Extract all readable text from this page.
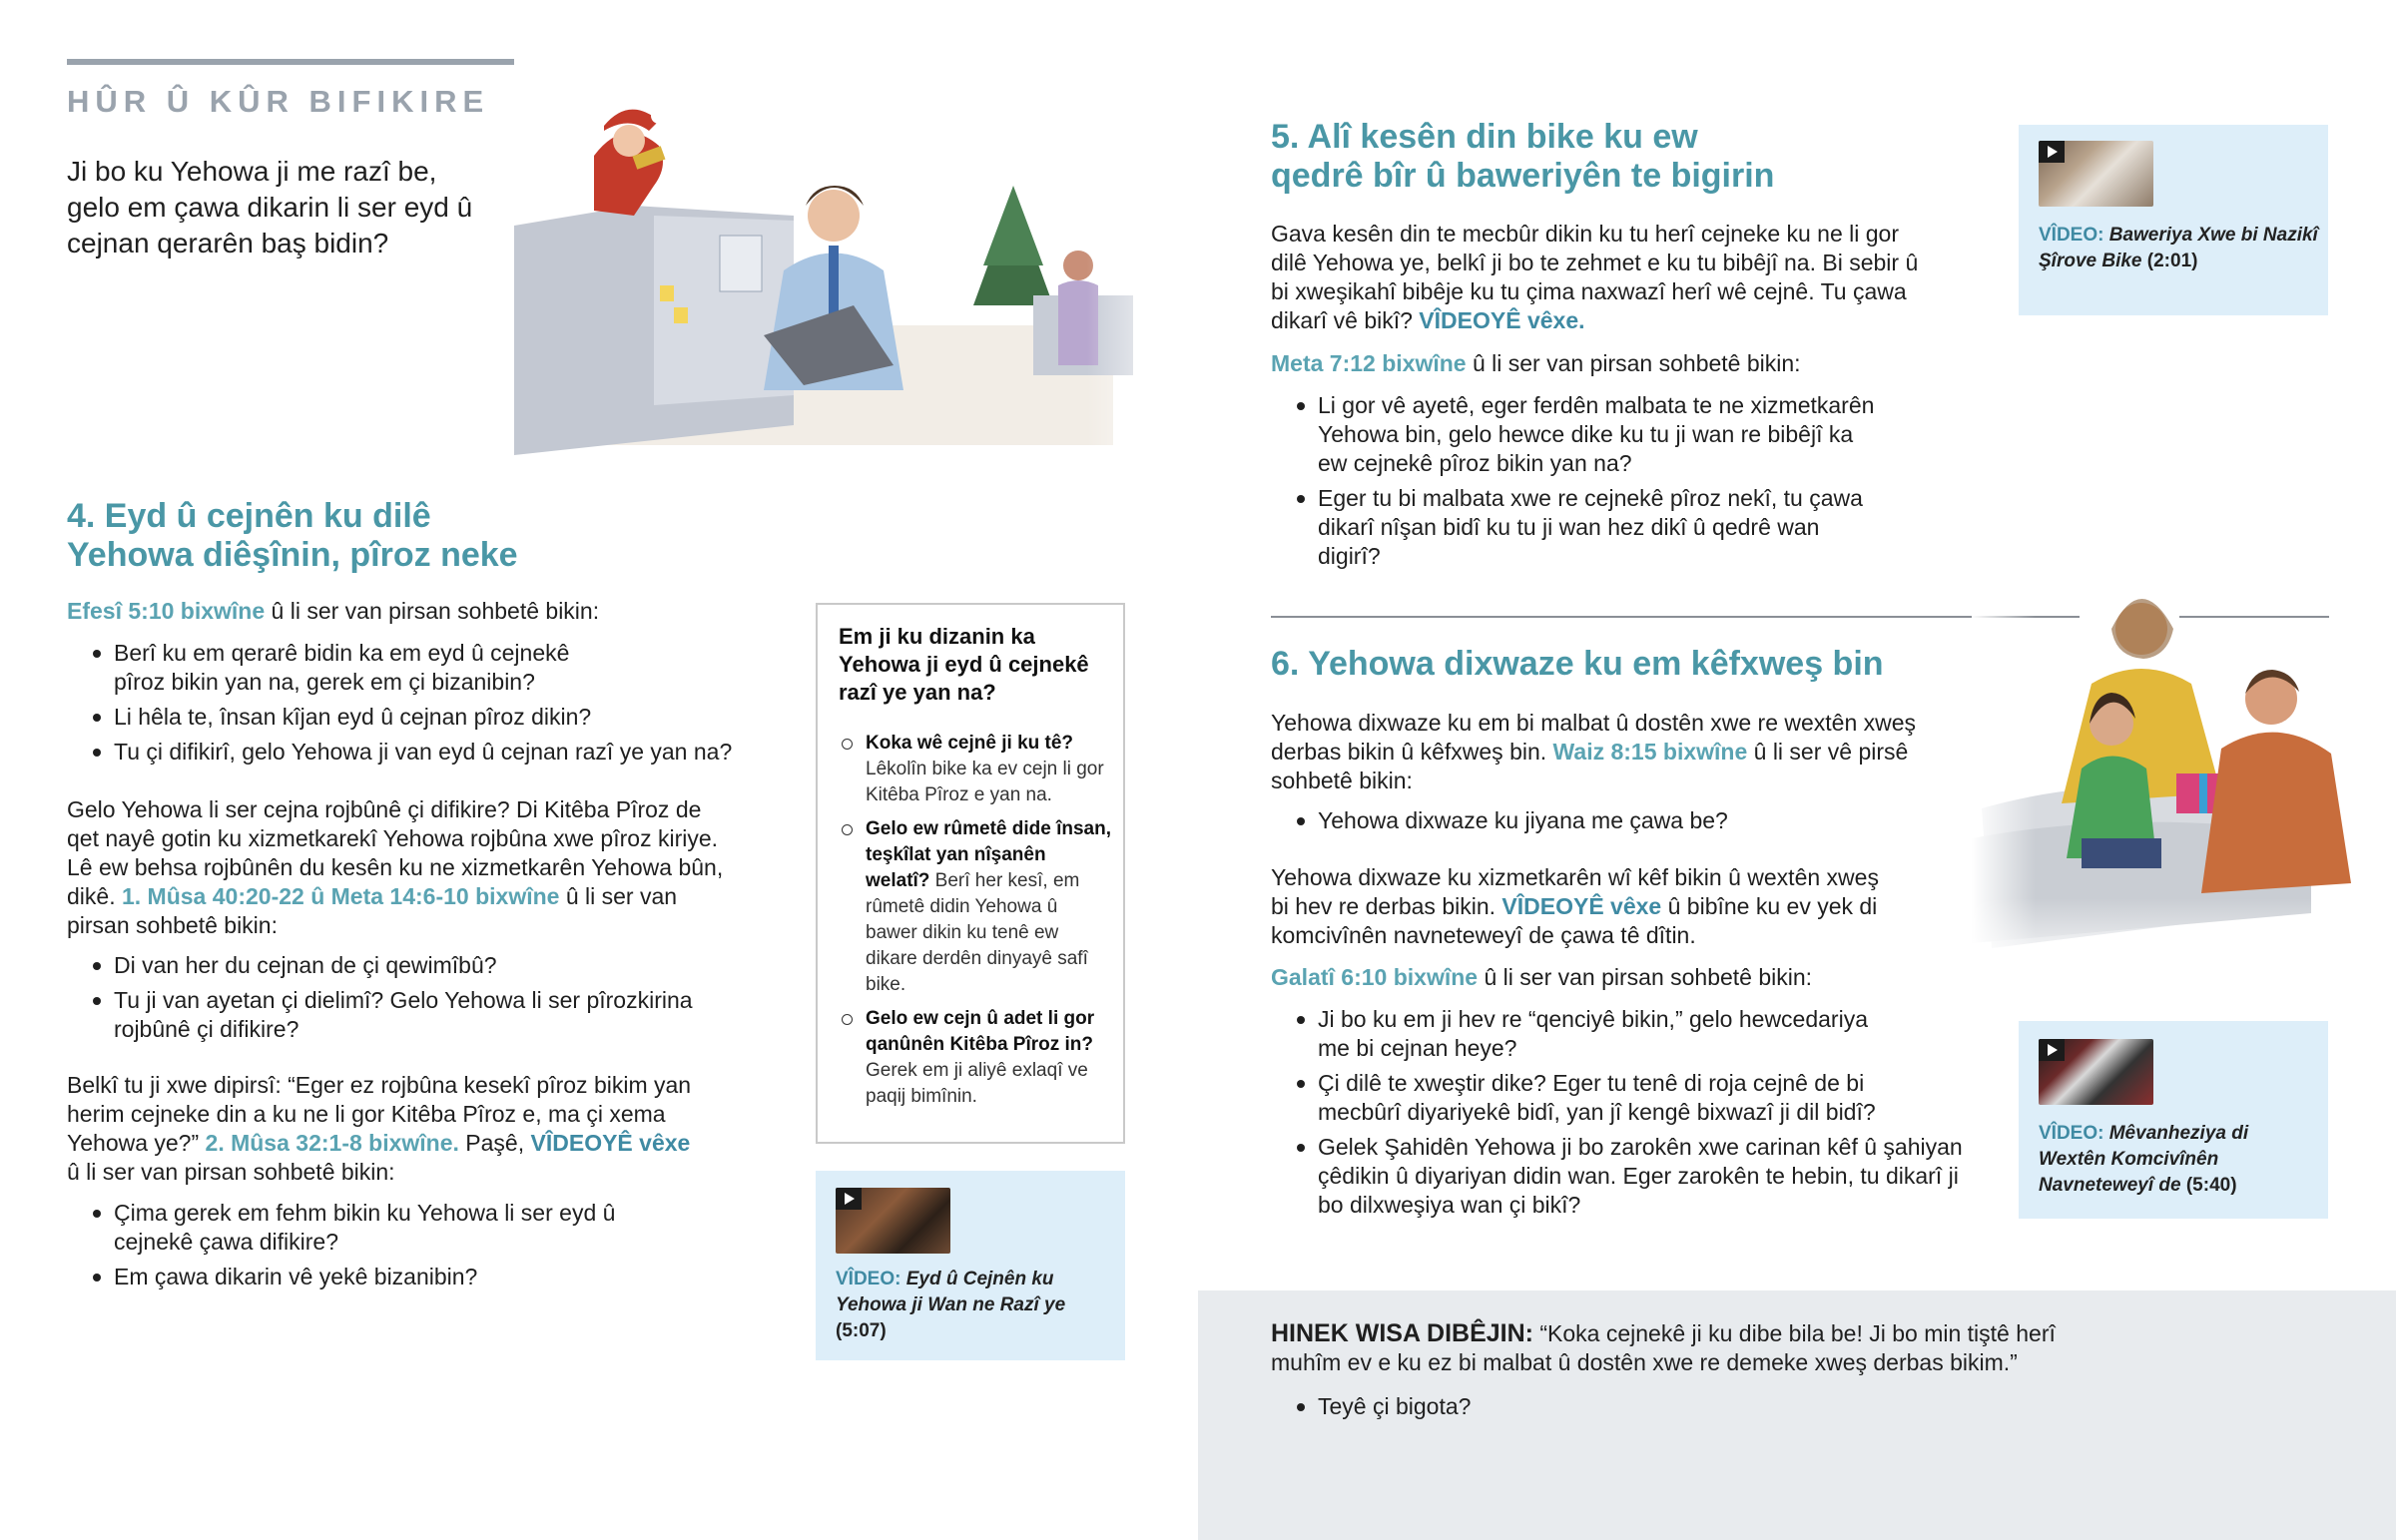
HÛR Û KÛR BIFIKIRE
Ji bo ku Yehowa ji me razî be, gelo em çawa dikarin li ser eyd û cejnan qerarên baş bidin?
4. Eyd û cejnên ku dilê Yehowa diêşînin, pîroz neke

Efesî 5:10 bixwîne û li ser van pirsan sohbetê bikin:

Berî ku em qerarê bidin ka em eyd û cejnekê pîroz bikin yan na, gerek em çi bizanibin?
Li hêla te, însan kîjan eyd û cejnan pîroz dikin?
Tu çi difikirî, gelo Yehowa ji van eyd û cejnan razî ye yan na?

Gelo Yehowa li ser cejna rojbûnê çi difikire? Di Kitêba Pîroz de qet nayê gotin ku xizmetkarekî Yehowa rojbûna xwe pîroz kiriye. Lê ew behsa rojbûnên du kesên ku ne xizmetkarên Yehowa bûn, dikê. 1. Mûsa 40:20-22 û Meta 14:6-10 bixwîne û li ser van pirsan sohbetê bikin:

Di van her du cejnan de çi qewimîbû?
Tu ji van ayetan çi dielimî? Gelo Yehowa li ser pîrozkirina rojbûnê çi difikire?

Belkî tu ji xwe dipirsî: “Eger ez rojbûna kesekî pîroz bikim yan herim cejneke din a ku ne li gor Kitêba Pîroz e, ma çi xema Yehowa ye?” 2. Mûsa 32:1-8 bixwîne. Paşê, VÎDEOYÊ vêxe û li ser van pirsan sohbetê bikin:

Çima gerek em fehm bikin ku Yehowa li ser eyd û cejnekê çawa difikire?
Em çawa dikarin vê yekê bizanibin?
Em ji ku dizanin ka Yehowa ji eyd û cejnekê razî ye yan na?
Koka wê cejnê ji ku tê? Lêkolîn bike ka ev cejn li gor Kitêba Pîroz e yan na.
Gelo ew rûmetê dide însan, teşkîlat yan nîşanên welatî? Berî her kesî, em rûmetê didin Yehowa û bawer dikin ku tenê ew dikare derdên dinyayê safî bike.
Gelo ew cejn û adet li gor qanûnên Kitêba Pîroz in? Gerek em ji aliyê exlaqî ve paqij bimînin.
VÎDEO: Eyd û Cejnên ku Yehowa ji Wan ne Razî ye (5:07)
5. Alî kesên din bike ku ew qedrê bîr û baweriyên te bigirin

Gava kesên din te mecbûr dikin ku tu herî cejneke ku ne li gor dilê Yehowa ye, belkî ji bo te zehmet e ku tu bibêjî na. Bi sebir û bi xweşikahî bibêje ku tu çima naxwazî herî wê cejnê. Tu çawa dikarî vê bikî? VÎDEOYÊ vêxe.

Meta 7:12 bixwîne û li ser van pirsan sohbetê bikin:

Li gor vê ayetê, eger ferdên malbata te ne xizmetkarên Yehowa bin, gelo hewce dike ku tu ji wan re bibêjî ka ew cejnekê pîroz bikin yan na?
Eger tu bi malbata xwe re cejnekê pîroz nekî, tu çawa dikarî nîşan bidî ku tu ji wan hez dikî û qedrê wan digirî?
VÎDEO: Baweriya Xwe bi Nazikî Şîrove Bike (2:01)
6. Yehowa dixwaze ku em kêfxweş bin

Yehowa dixwaze ku em bi malbat û dostên xwe re wextên xweş derbas bikin û kêfxweş bin. Waiz 8:15 bixwîne û li ser vê pirsê sohbetê bikin:

Yehowa dixwaze ku jiyana me çawa be?

Yehowa dixwaze ku xizmetkarên wî kêf bikin û wextên xweş bi hev re derbas bikin. VÎDEOYÊ vêxe û bibîne ku ev yek di komcivînên navneteweyî de çawa tê dîtin.

Galatî 6:10 bixwîne û li ser van pirsan sohbetê bikin:

Ji bo ku em ji hev re “qenciyê bikin,” gelo hewcedariya me bi cejnan heye?
Çi dilê te xweştir dike? Eger tu tenê di roja cejnê de bi mecbûrî diyariyekê bidî, yan jî kengê bixwazî ji dil bidî?
Gelek Şahidên Yehowa ji bo zarokên xwe carinan kêf û şahiyan çêdikin û diyariyan didin wan. Eger zarokên te hebin, tu dikarî ji bo dilxweşiya wan çi bikî?
VÎDEO: Mêvanheziya di Wextên Komcivînên Navneteweyî de (5:40)

HINEK WISA DIBÊJIN: “Koka cejnekê ji ku dibe bila be! Ji bo min tiştê herî muhîm ev e ku ez bi malbat û dostên xwe re demeke xweş derbas bikim.”

Teyê çi bigota?
